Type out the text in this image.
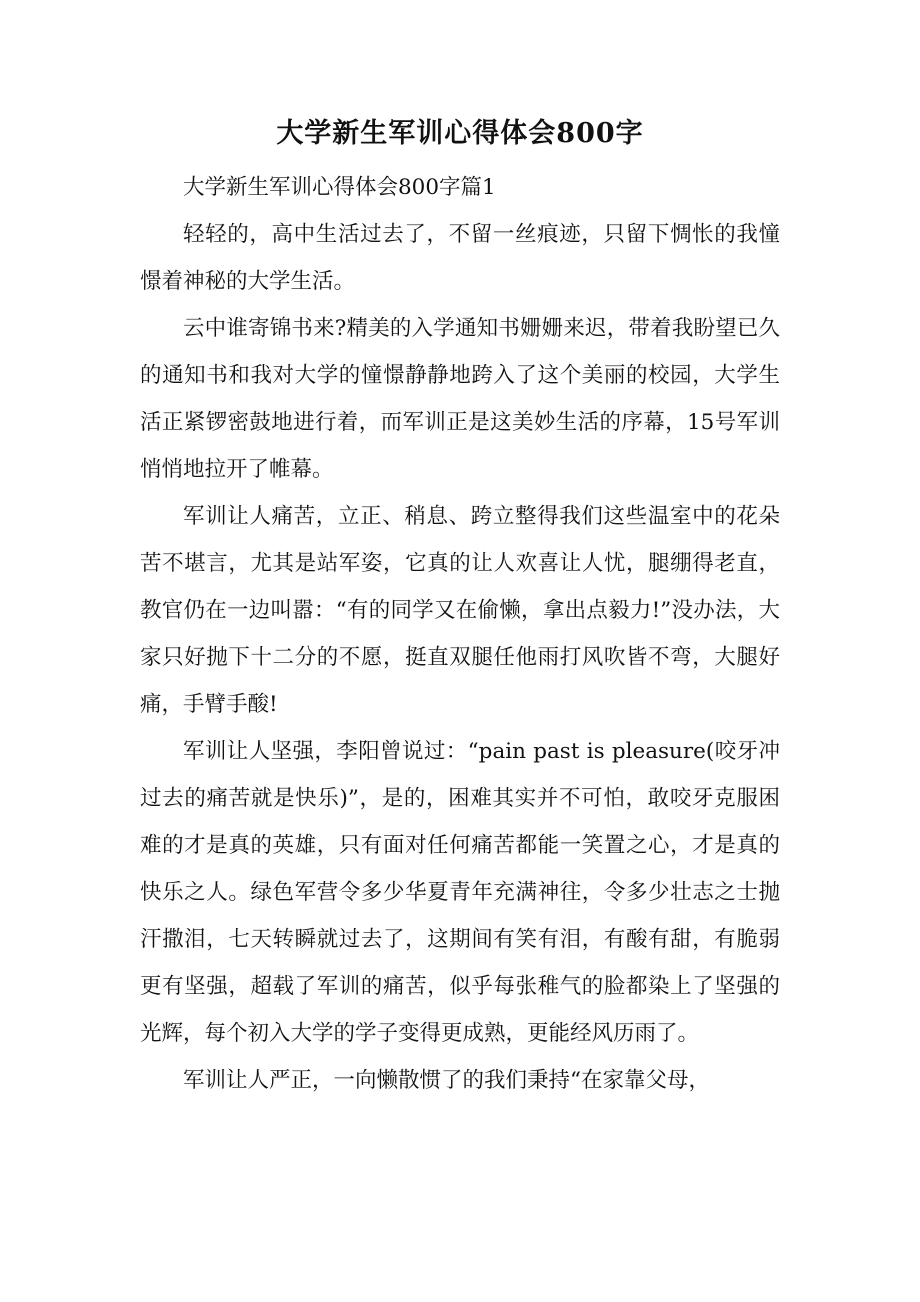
大学新生军训心得体会800字

大学新生军训心得体会800字篇1

轻轻的，高中生活过去了，不留一丝痕迹，只留下惆怅的我憧憬着神秘的大学生活。

云中谁寄锦书来?精美的入学通知书姗姗来迟，带着我盼望已久的通知书和我对大学的憧憬静静地跨入了这个美丽的校园，大学生活正紧锣密鼓地进行着，而军训正是这美妙生活的序幕，15号军训悄悄地拉开了帷幕。

军训让人痛苦，立正、稍息、跨立整得我们这些温室中的花朵苦不堪言，尤其是站军姿，它真的让人欢喜让人忧，腿绷得老直，教官仍在一边叫嚣：“有的同学又在偷懒，拿出点毅力!”没办法，大家只好抛下十二分的不愿，挺直双腿任他雨打风吹皆不弯，大腿好痛，手臂手酸!

军训让人坚强，李阳曾说过：“pain past is pleasure(咬牙冲过去的痛苦就是快乐)”，是的，困难其实并不可怕，敢咬牙克服困难的才是真的英雄，只有面对任何痛苦都能一笑置之心，才是真的快乐之人。绿色军营令多少华夏青年充满神往，令多少壮志之士抛汗撒泪，七天转瞬就过去了，这期间有笑有泪，有酸有甜，有脆弱更有坚强，超载了军训的痛苦，似乎每张稚气的脸都染上了坚强的光辉，每个初入大学的学子变得更成熟，更能经风历雨了。

军训让人严正，一向懒散惯了的我们秉持“在家靠父母，
